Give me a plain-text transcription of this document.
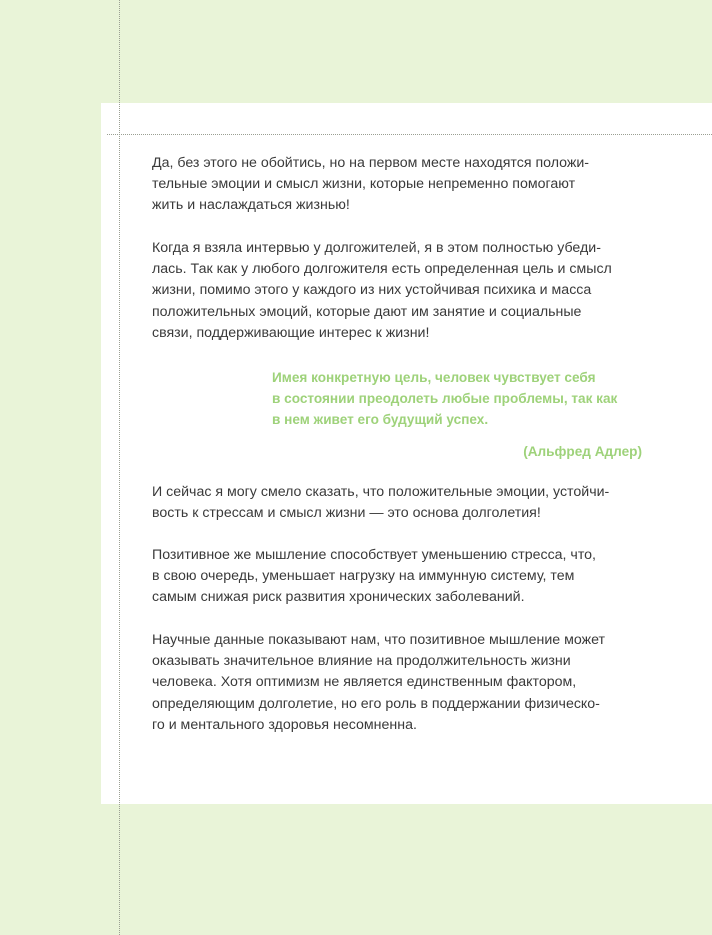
Да, без этого не обойтись, но на первом месте находятся положи-
тельные эмоции и смысл жизни, которые непременно помогают
жить и наслаждаться жизнью!

Когда я взяла интервью у долгожителей, я в этом полностью убеди-
лась. Так как у любого долгожителя есть определенная цель и смысл
жизни, помимо этого у каждого из них устойчивая психика и масса
положительных эмоций, которые дают им занятие и социальные
связи, поддерживающие интерес к жизни!

Имея конкретную цель, человек чувствует себя
в состоянии преодолеть любые проблемы, так как
в нем живет его будущий успех.

(Альфред Адлер)

И сейчас я могу смело сказать, что положительные эмоции, устойчи-
вость к стрессам и смысл жизни — это основа долголетия!

Позитивное же мышление способствует уменьшению стресса, что,
в свою очередь, уменьшает нагрузку на иммунную систему, тем
самым снижая риск развития хронических заболеваний.

Научные данные показывают нам, что позитивное мышление может
оказывать значительное влияние на продолжительность жизни
человека. Хотя оптимизм не является единственным фактором,
определяющим долголетие, но его роль в поддержании физическо-
го и ментального здоровья несомненна.
